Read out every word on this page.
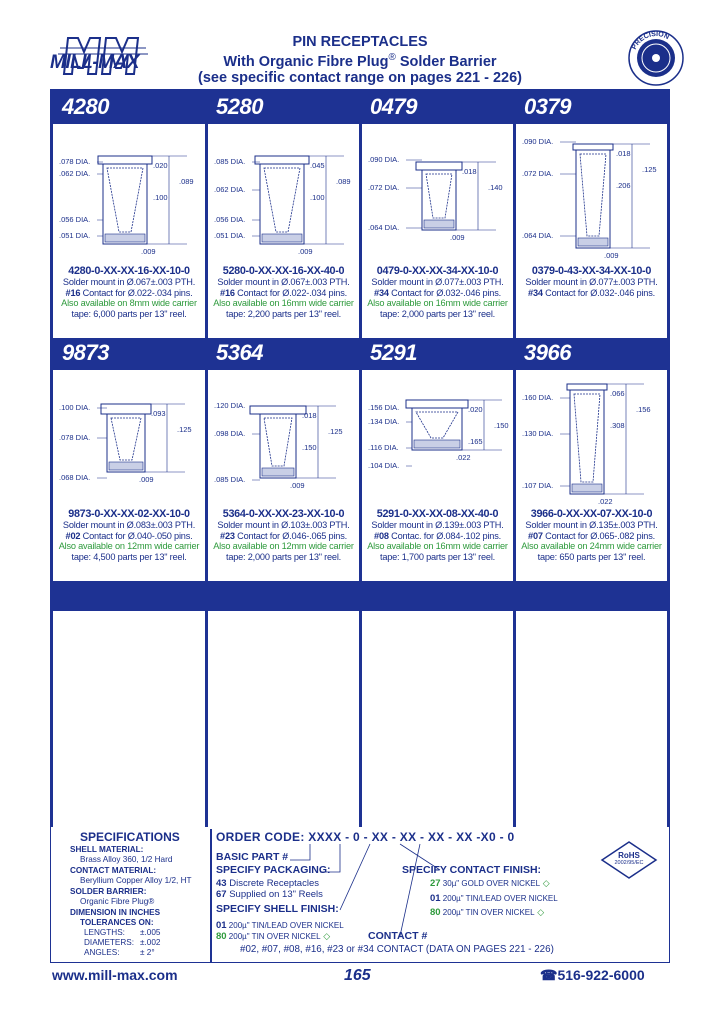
MILL-MAX
PIN RECEPTACLES
With Organic Fibre Plug® Solder Barrier
(see specific contact range on pages 221 - 226)
PRECISION
4280
.078 DIA.
.062 DIA.
.056 DIA.
.051 DIA.
.020
.089
.100
.009
4280-0-XX-XX-16-XX-10-0
Solder mount in Ø.067±.003 PTH.
#16 Contact for Ø.022-.034 pins.
Also available on 8mm wide carrier
tape: 6,000 parts per 13" reel.
5280
.085 DIA.
.062 DIA.
.056 DIA.
.051 DIA.
.045
.089
.100
.009
5280-0-XX-XX-16-XX-40-0
Solder mount in Ø.067±.003 PTH.
#16 Contact for Ø.022-.034 pins.
Also available on 16mm wide carrier
tape: 2,200 parts per 13" reel.
0479
.090 DIA.
.072 DIA.
.064 DIA.
.018
.140
.009
0479-0-XX-XX-34-XX-10-0
Solder mount in Ø.077±.003 PTH.
#34 Contact for Ø.032-.046 pins.
Also available on 16mm wide carrier
tape: 2,000 parts per 13" reel.
0379
.090 DIA.
.072 DIA.
.064 DIA.
.018
.125
.206
.009
0379-0-43-XX-34-XX-10-0
Solder mount in Ø.077±.003 PTH.
#34 Contact for Ø.032-.046 pins.
9873
.100 DIA.
.078 DIA.
.068 DIA.
.093
.125
.009
9873-0-XX-XX-02-XX-10-0
Solder mount in Ø.083±.003 PTH.
#02 Contact for Ø.040-.050 pins.
Also available on 12mm wide carrier
tape: 4,500 parts per 13" reel.
5364
.120 DIA.
.098 DIA.
.085 DIA.
.018
.125
.150
.009
5364-0-XX-XX-23-XX-10-0
Solder mount in Ø.103±.003 PTH.
#23 Contact for Ø.046-.065 pins.
Also available on 12mm wide carrier
tape: 2,000 parts per 13" reel.
5291
.156 DIA.
.134 DIA.
.116 DIA.
.104 DIA.
.020
.150
.165
.022
5291-0-XX-XX-08-XX-40-0
Solder mount in Ø.139±.003 PTH.
#08 Contac. for Ø.084-.102 pins.
Also available on 16mm wide carrier
tape: 1,700 parts per 13" reel.
3966
.160 DIA.
.130 DIA.
.107 DIA.
.066
.156
.308
.022
3966-0-XX-XX-07-XX-10-0
Solder mount in Ø.135±.003 PTH.
#07 Contact for Ø.065-.082 pins.
Also available on 24mm wide carrier
tape: 650 parts per 13" reel.
SPECIFICATIONS
SHELL MATERIAL:
Brass Alloy 360, 1/2 Hard
CONTACT MATERIAL:
Beryllium Copper Alloy 1/2, HT
SOLDER BARRIER:
Organic Fibre Plug®
DIMENSION IN INCHES
TOLERANCES ON:
LENGTHS: ±.005
DIAMETERS: ±.002
ANGLES:	± 2°
ORDER CODE: XXXX - 0 - XX - XX - XX - XX -X0 - 0
BASIC PART #
SPECIFY PACKAGING:
43 Discrete Receptacles
67 Supplied on 13" Reels
SPECIFY SHELL FINISH:
01 200µ" TIN/LEAD OVER NICKEL
80 200µ" TIN OVER NICKEL ◇
SPECIFY CONTACT FINISH:
27 30µ" GOLD OVER NICKEL ◇
01 200µ" TIN/LEAD OVER NICKEL
80 200µ" TIN OVER NICKEL ◇
CONTACT #
#02, #07, #08, #16, #23 or #34 CONTACT (DATA ON PAGES 221 - 226)
RoHS
2002/95/EC
www.mill-max.com	165	☎516-922-6000
